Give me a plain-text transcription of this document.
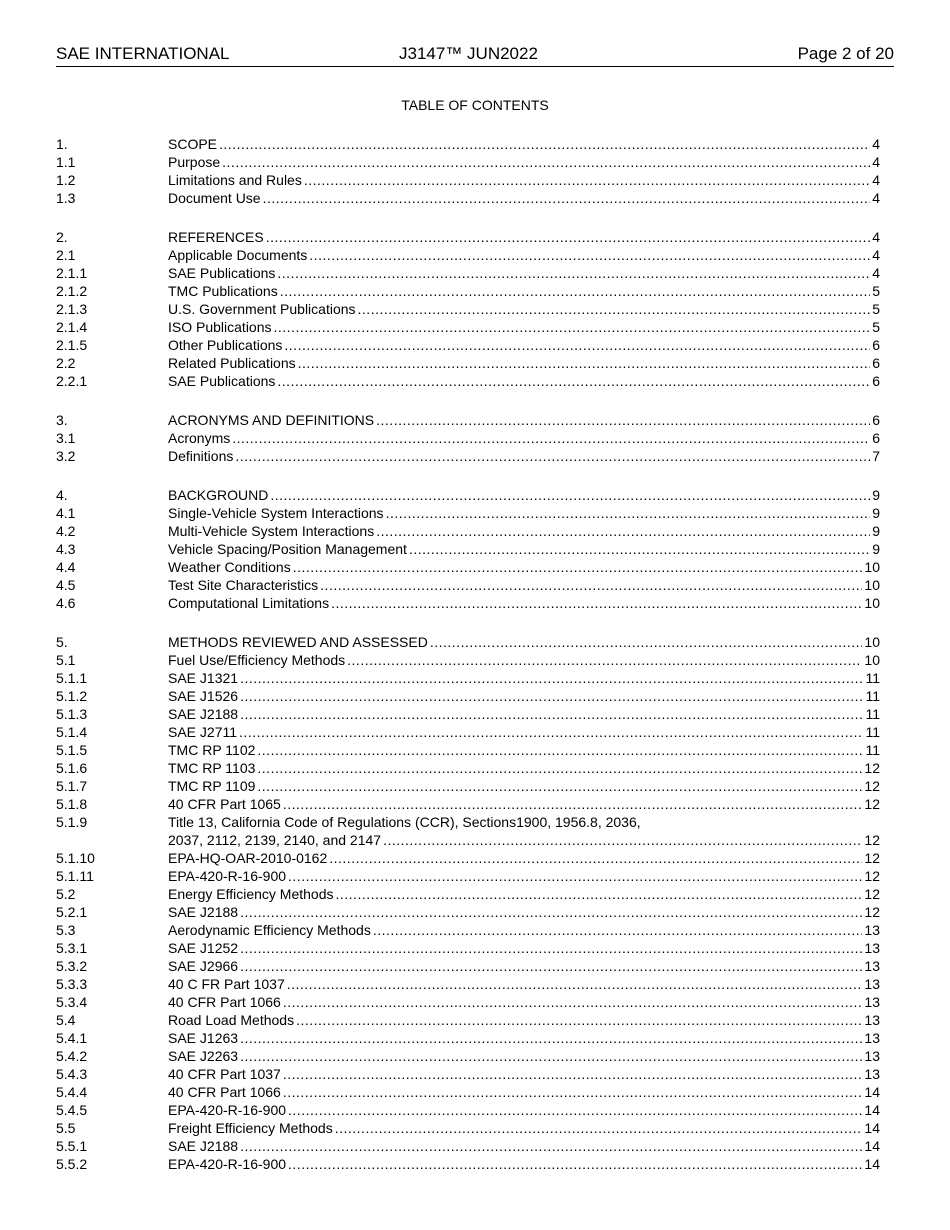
SAE INTERNATIONAL	J3147™ JUN2022	Page 2 of 20
TABLE OF CONTENTS
1.	SCOPE .....	4
1.1	Purpose .....	4
1.2	Limitations and Rules .....	4
1.3	Document Use .....	4
2.	REFERENCES .....	4
2.1	Applicable Documents .....	4
2.1.1	SAE Publications .....	4
2.1.2	TMC Publications .....	5
2.1.3	U.S. Government Publications .....	5
2.1.4	ISO Publications .....	5
2.1.5	Other Publications .....	6
2.2	Related Publications .....	6
2.2.1	SAE Publications .....	6
3.	ACRONYMS AND DEFINITIONS .....	6
3.1	Acronyms .....	6
3.2	Definitions .....	7
4.	BACKGROUND .....	9
4.1	Single-Vehicle System Interactions .....	9
4.2	Multi-Vehicle System Interactions .....	9
4.3	Vehicle Spacing/Position Management .....	9
4.4	Weather Conditions .....	10
4.5	Test Site Characteristics .....	10
4.6	Computational Limitations .....	10
5.	METHODS REVIEWED AND ASSESSED .....	10
5.1	Fuel Use/Efficiency Methods .....	10
5.1.1	SAE J1321 .....	11
5.1.2	SAE J1526 .....	11
5.1.3	SAE J2188 .....	11
5.1.4	SAE J2711 .....	11
5.1.5	TMC RP 1102 .....	11
5.1.6	TMC RP 1103 .....	12
5.1.7	TMC RP 1109 .....	12
5.1.8	40 CFR Part 1065 .....	12
5.1.9	Title 13, California Code of Regulations (CCR), Sections1900, 1956.8, 2036,
2037, 2112, 2139, 2140, and 2147 .....	12
5.1.10	EPA-HQ-OAR-2010-0162 .....	12
5.1.11	EPA-420-R-16-900 .....	12
5.2	Energy Efficiency Methods .....	12
5.2.1	SAE J2188 .....	12
5.3	Aerodynamic Efficiency Methods .....	13
5.3.1	SAE J1252 .....	13
5.3.2	SAE J2966 .....	13
5.3.3	40 C FR Part 1037 .....	13
5.3.4	40 CFR Part 1066 .....	13
5.4	Road Load Methods .....	13
5.4.1	SAE J1263 .....	13
5.4.2	SAE J2263 .....	13
5.4.3	40 CFR Part 1037 .....	13
5.4.4	40 CFR Part 1066 .....	14
5.4.5	EPA-420-R-16-900 .....	14
5.5	Freight Efficiency Methods .....	14
5.5.1	SAE J2188 .....	14
5.5.2	EPA-420-R-16-900 .....	14
